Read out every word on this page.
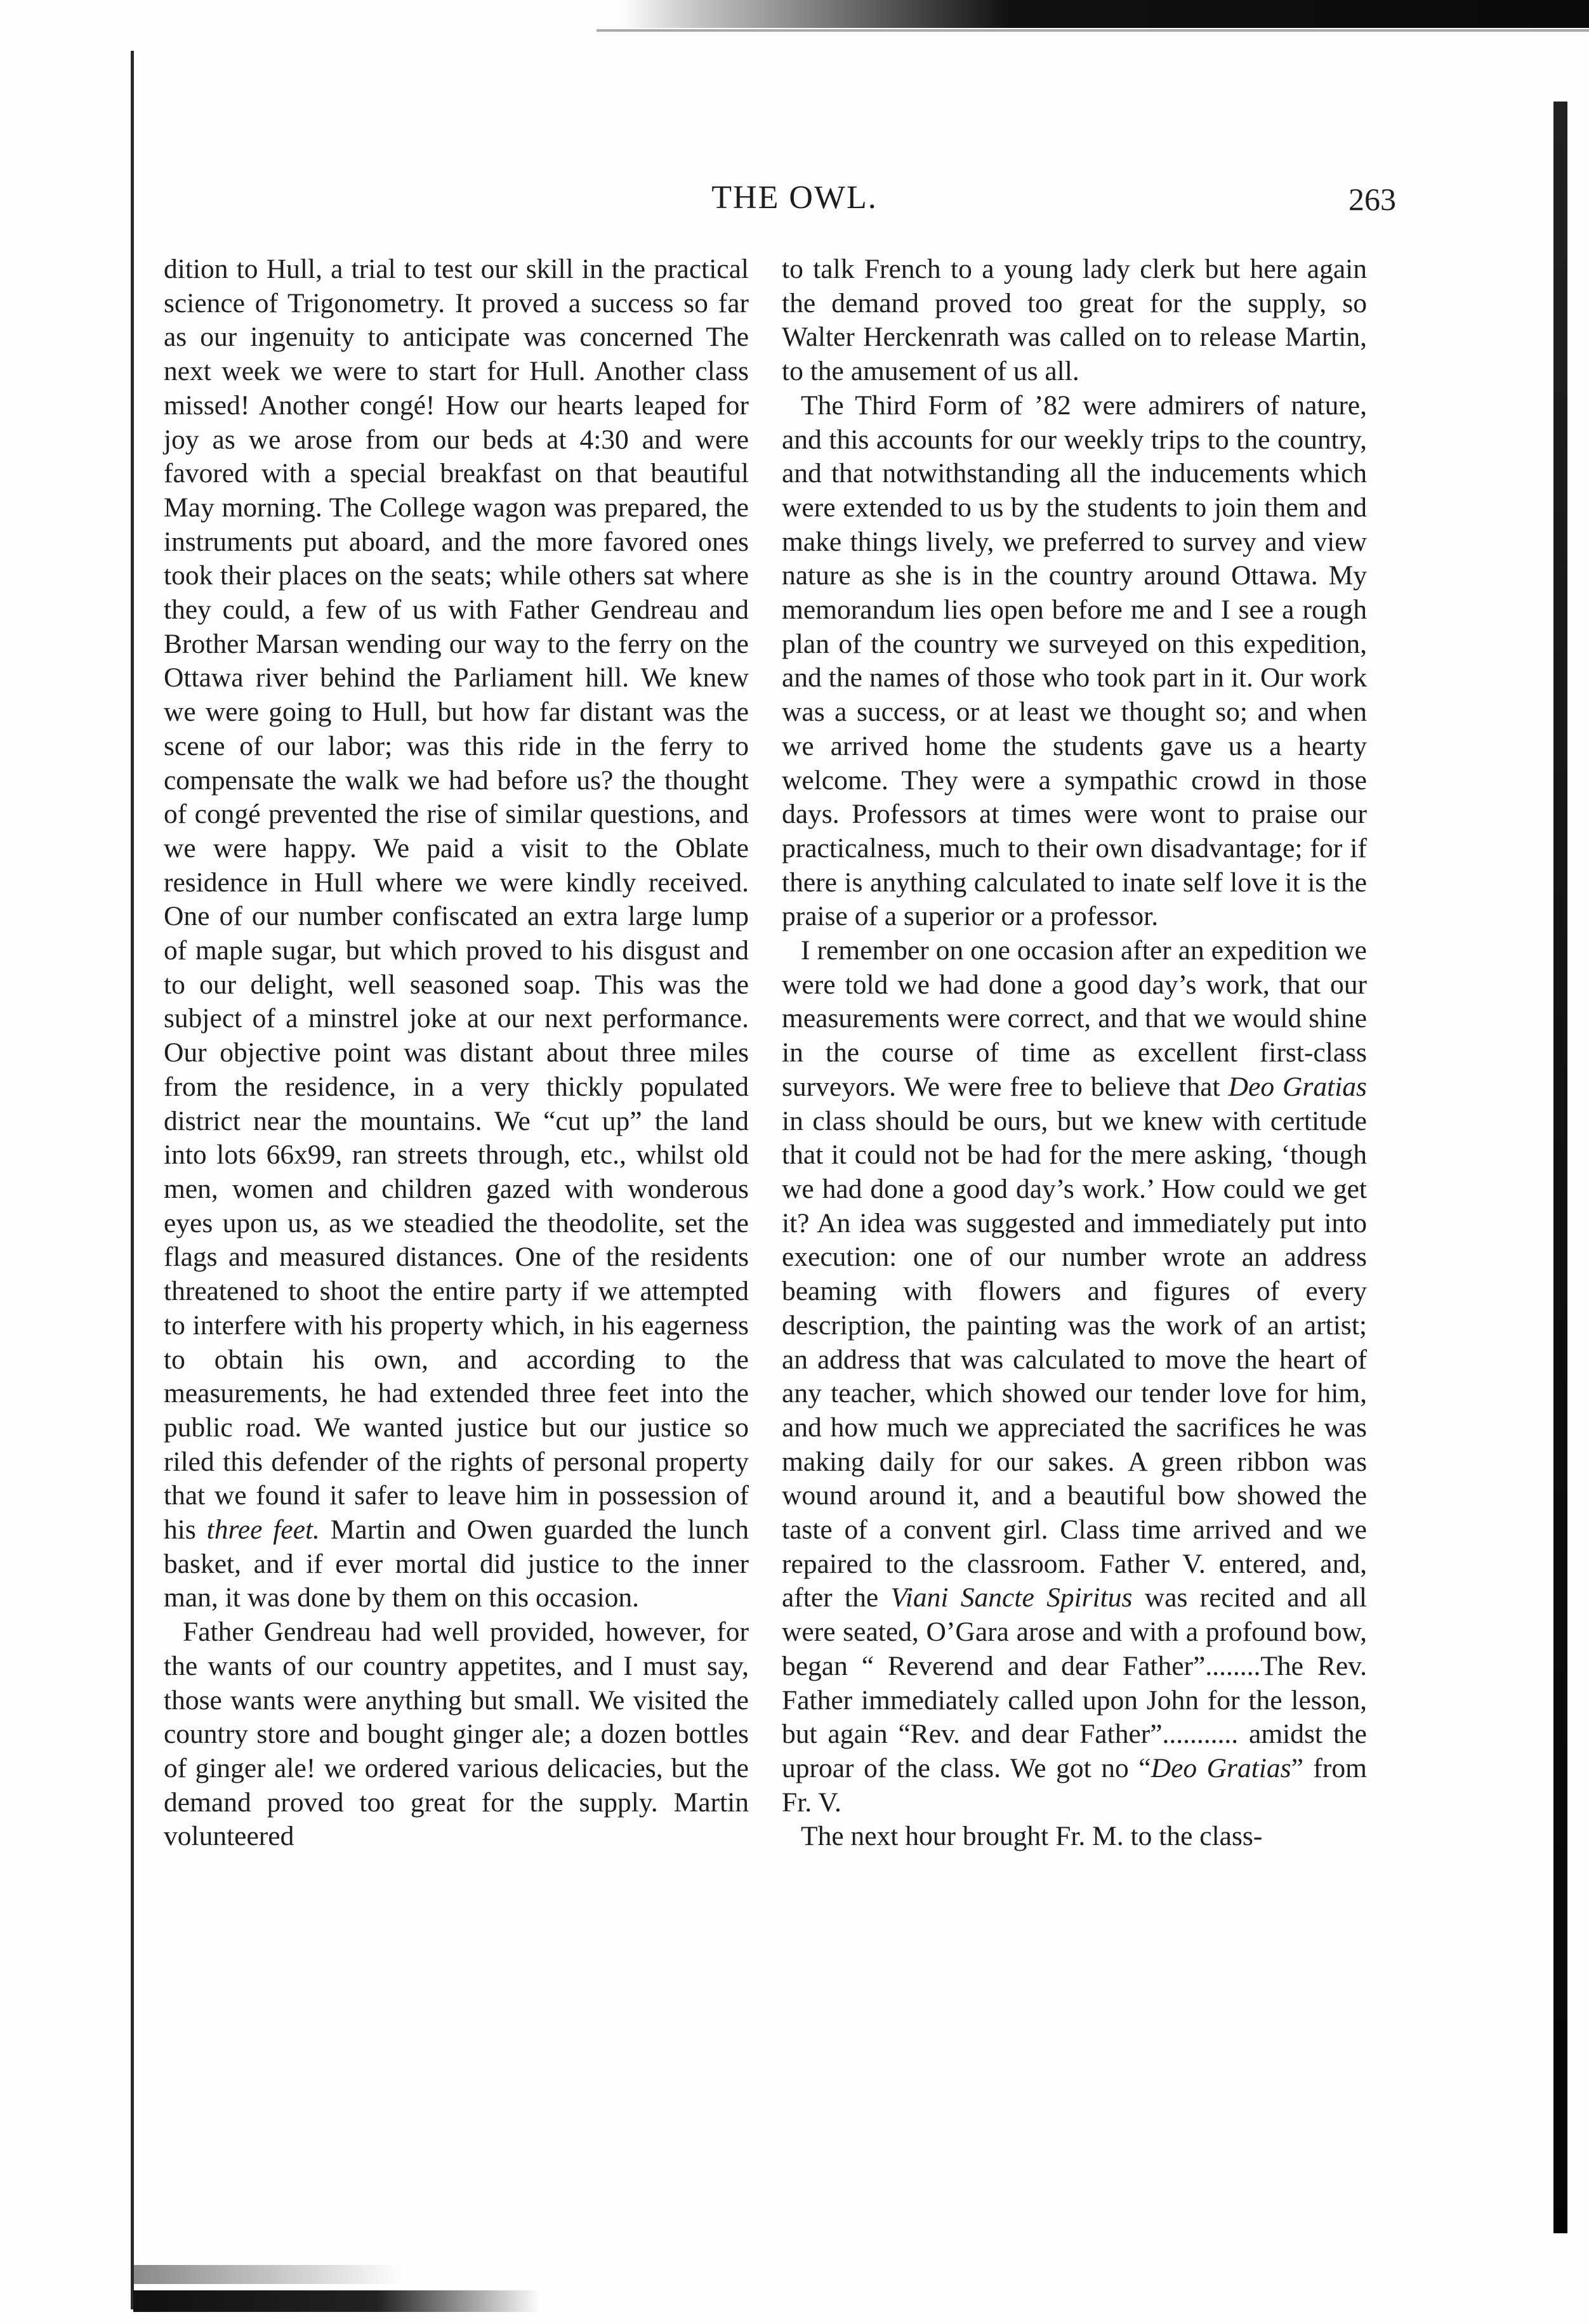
THE OWL.	263

dition to Hull, a trial to test our skill in the practical science of Trigonometry. It proved a success so far as our ingenuity to anticipate was concerned The next week we were to start for Hull. Another class missed! Another congé! How our hearts leaped for joy as we arose from our beds at 4:30 and were favored with a special breakfast on that beautiful May morning. The College wagon was prepared, the instruments put aboard, and the more favored ones took their places on the seats; while others sat where they could, a few of us with Father Gendreau and Brother Marsan wending our way to the ferry on the Ottawa river behind the Parliament hill. We knew we were going to Hull, but how far distant was the scene of our labor; was this ride in the ferry to compensate the walk we had before us? the thought of congé prevented the rise of similar questions, and we were happy. We paid a visit to the Oblate residence in Hull where we were kindly received. One of our number confiscated an extra large lump of maple sugar, but which proved to his disgust and to our delight, well seasoned soap. This was the subject of a minstrel joke at our next performance. Our objective point was distant about three miles from the residence, in a very thickly populated district near the mountains. We “cut up” the land into lots 66x99, ran streets through, etc., whilst old men, women and children gazed with wonderous eyes upon us, as we steadied the theodolite, set the flags and measured distances. One of the residents threatened to shoot the entire party if we attempted to interfere with his property which, in his eagerness to obtain his own, and according to the measurements, he had extended three feet into the public road. We wanted justice but our justice so riled this defender of the rights of personal property that we found it safer to leave him in possession of his three feet. Martin and Owen guarded the lunch basket, and if ever mortal did justice to the inner man, it was done by them on this occasion.

Father Gendreau had well provided, however, for the wants of our country appetites, and I must say, those wants were anything but small. We visited the country store and bought ginger ale; a dozen bottles of ginger ale! we ordered various delicacies, but the demand proved too great for the supply. Martin volunteered

to talk French to a young lady clerk but here again the demand proved too great for the supply, so Walter Herckenrath was called on to release Martin, to the amusement of us all.

The Third Form of ’82 were admirers of nature, and this accounts for our weekly trips to the country, and that notwithstanding all the inducements which were extended to us by the students to join them and make things lively, we preferred to survey and view nature as she is in the country around Ottawa. My memorandum lies open before me and I see a rough plan of the country we surveyed on this expedition, and the names of those who took part in it. Our work was a success, or at least we thought so; and when we arrived home the students gave us a hearty welcome. They were a sympathic crowd in those days. Professors at times were wont to praise our practicalness, much to their own disadvantage; for if there is anything calculated to inate self love it is the praise of a superior or a professor.

I remember on one occasion after an expedition we were told we had done a good day’s work, that our measurements were correct, and that we would shine in the course of time as excellent first-class surveyors. We were free to believe that Deo Gratias in class should be ours, but we knew with certitude that it could not be had for the mere asking, ‘though we had done a good day’s work.’ How could we get it? An idea was suggested and immediately put into execution: one of our number wrote an address beaming with flowers and figures of every description, the painting was the work of an artist; an address that was calculated to move the heart of any teacher, which showed our tender love for him, and how much we appreciated the sacrifices he was making daily for our sakes. A green ribbon was wound around it, and a beautiful bow showed the taste of a convent girl. Class time arrived and we repaired to the classroom. Father V. entered, and, after the Viani Sancte Spiritus was recited and all were seated, O’Gara arose and with a profound bow, began “ Reverend and dear Father”........The Rev. Father immediately called upon John for the lesson, but again “Rev. and dear Father”........... amidst the uproar of the class. We got no “Deo Gratias” from Fr. V.

The next hour brought Fr. M. to the class-
